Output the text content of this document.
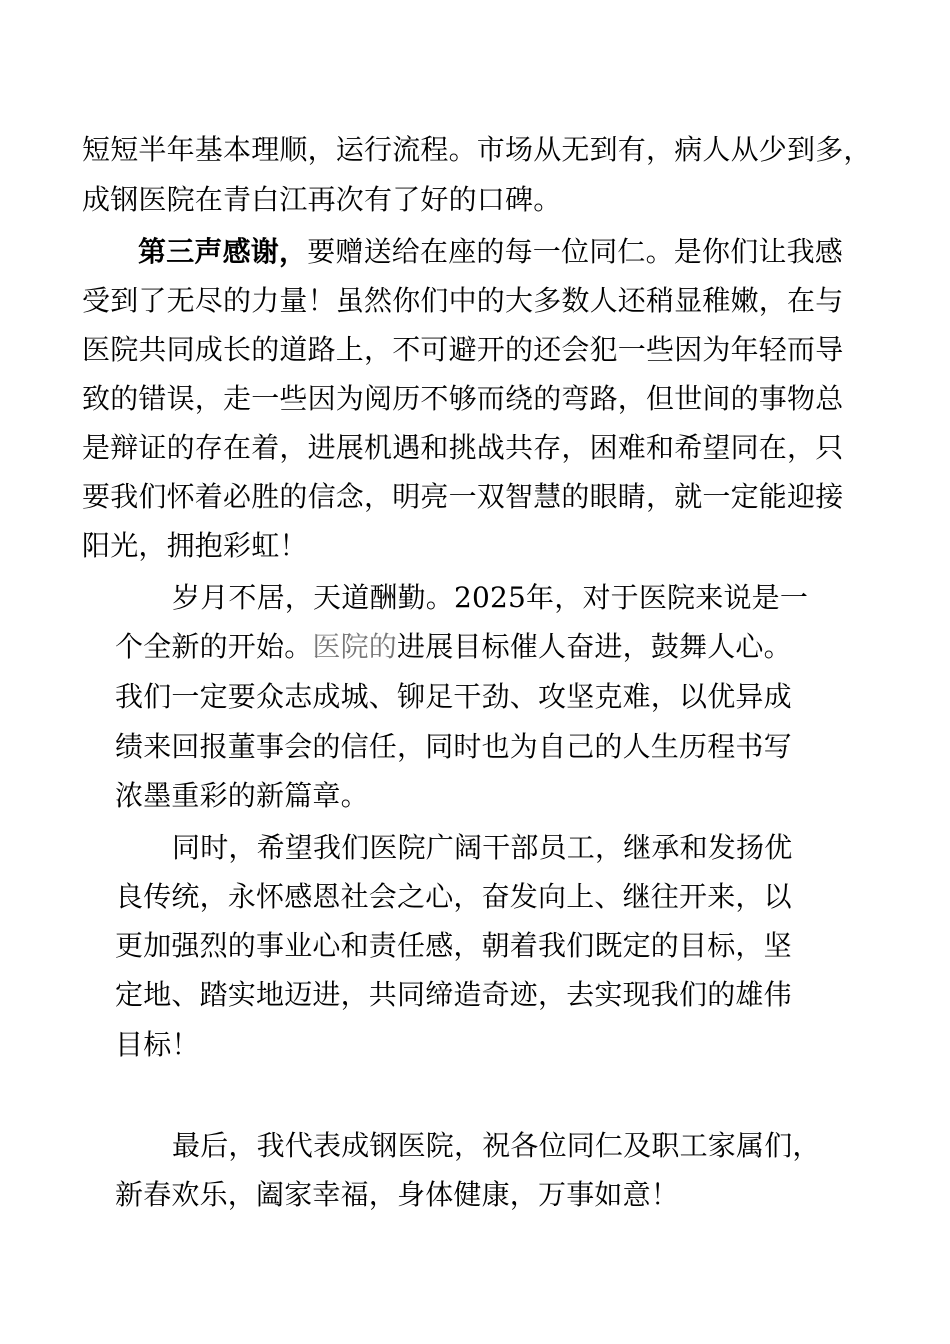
短短半年基本理顺，运行流程。市场从无到有，病人从少到多，
成钢医院在青白江再次有了好的口碑。
第三声感谢，要赠送给在座的每一位同仁。是你们让我感
受到了无尽的力量！虽然你们中的大多数人还稍显稚嫩，在与
医院共同成长的道路上，不可避开的还会犯一些因为年轻而导
致的错误，走一些因为阅历不够而绕的弯路，但世间的事物总
是辩证的存在着，进展机遇和挑战共存，困难和希望同在，只
要我们怀着必胜的信念，明亮一双智慧的眼睛，就一定能迎接
阳光，拥抱彩虹！
岁月不居，天道酬勤。2025年，对于医院来说是一
个全新的开始。医院的进展目标催人奋进，鼓舞人心。
我们一定要众志成城、铆足干劲、攻坚克难，以优异成
绩来回报董事会的信任，同时也为自己的人生历程书写
浓墨重彩的新篇章。
同时，希望我们医院广阔干部员工，继承和发扬优
良传统，永怀感恩社会之心，奋发向上、继往开来，以
更加强烈的事业心和责任感，朝着我们既定的目标，坚
定地、踏实地迈进，共同缔造奇迹，去实现我们的雄伟
目标！
最后，我代表成钢医院，祝各位同仁及职工家属们，
新春欢乐，阖家幸福，身体健康，万事如意！
